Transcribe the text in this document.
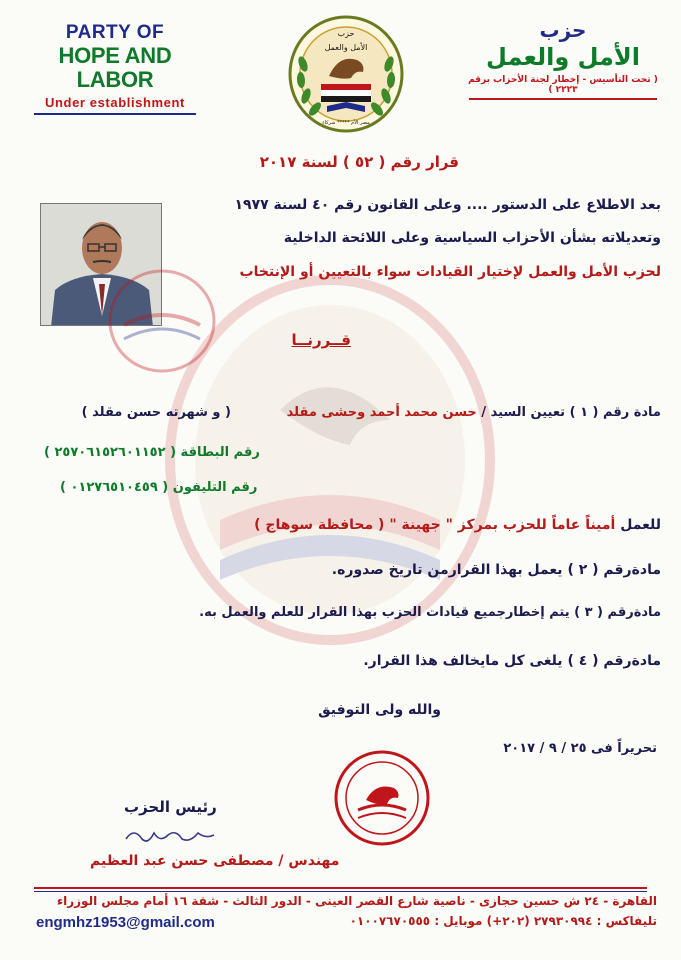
PARTY OF
HOPE AND LABOR
Under establishment
حزب
الأمل والعمل
مصر الأم ***** شركاء
حزب
الأمل والعمل
( تحت التأسيس - إخطار لجنة الأحزاب برقم ٢٢٢٣ )
قرار رقم ( ٥٢ ) لسنة ٢٠١٧
بعد الاطلاع على الدستور .... وعلى القانون رقم ٤٠ لسنة ١٩٧٧
وتعديلاته بشأن الأحزاب السياسية وعلى اللائحة الداخلية
لحزب الأمل والعمل لإختيار القيادات سواء بالتعيين أو الإنتخاب
قــررنــا
مادة رقم ( ١ ) تعيين السيد / حسن محمد أحمد وحشى مقلد
( و شهرته حسن مقلد )
رقم البطاقة ( ٢٥٧٠٦١٥٢٦٠١١٥٢ )
رقم التليفون ( ٠١٢٧٦٥١٠٤٥٩ )
للعمل أميناً عاماً للحزب بمركز " جهينة " ( محافظة سوهاج )
مادةرقم ( ٢ ) يعمل بهذا القرارمن تاريخ صدوره.
مادةرقم ( ٣ ) يتم إخطارجميع قيادات الحزب بهذا القرار للعلم والعمل به.
مادةرقم ( ٤ ) يلغى كل مايخالف هذا القرار.
والله ولى التوفيق
تحريراً فى ٢٥ / ٩ / ٢٠١٧
رئيس الحزب
مهندس / مصطفى حسن عبد العظيم
القاهرة - ٢٤ ش حسين حجازى - ناصية شارع القصر العينى - الدور الثالث - شقة ١٦ أمام مجلس الوزراء
تليفاكس : ٢٧٩٣٠٩٩٤ (٢٠٢+) موبايل : ٠١٠٠٧٦٧٠٥٥٥
engmhz1953@gmail.com
